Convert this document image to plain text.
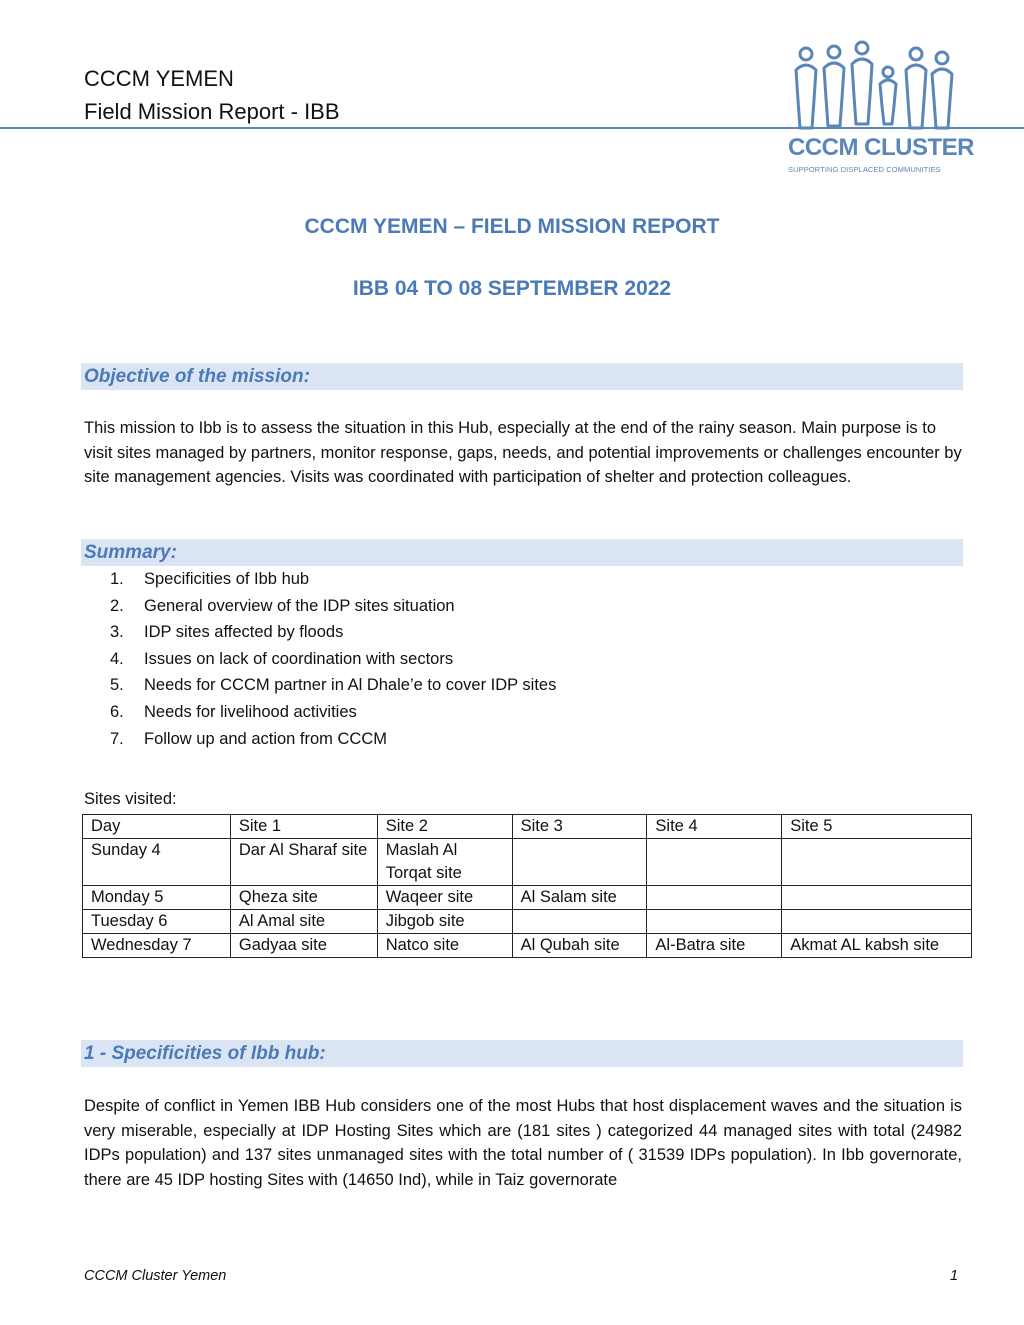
CCCM YEMEN
Field Mission Report - IBB
CCCM CLUSTER
SUPPORTING DISPLACED COMMUNITIES
CCCM YEMEN – FIELD MISSION REPORT
IBB 04 TO 08 SEPTEMBER 2022
Objective of the mission:
This mission to Ibb is to assess the situation in this Hub, especially at the end of the rainy season. Main purpose is to visit sites managed by partners, monitor response, gaps, needs, and potential improvements or challenges encounter by site management agencies. Visits was coordinated with participation of shelter and protection colleagues.
Summary:
1. Specificities of Ibb hub
2. General overview of the IDP sites situation
3. IDP sites affected by floods
4. Issues on lack of coordination with sectors
5. Needs for CCCM partner in Al Dhale’e to cover IDP sites
6. Needs for livelihood activities
7. Follow up and action from CCCM
Sites visited:
Day	Site 1	Site 2	Site 3	Site 4	Site 5
Sunday 4	Dar Al Sharaf site	Maslah Al Torqat site			
Monday 5	Qheza site	Waqeer site	Al Salam site		
Tuesday 6	Al Amal site	Jibgob site			
Wednesday 7	Gadyaa site	Natco site	Al Qubah site	Al-Batra site	Akmat AL kabsh site
1 - Specificities of Ibb hub:
Despite of conflict in Yemen IBB Hub considers one of the most Hubs that host displacement waves and the situation is very miserable, especially at IDP Hosting Sites which are (181 sites ) categorized 44 managed sites with total (24982 IDPs population) and 137 sites unmanaged sites with the total number of ( 31539 IDPs population). In Ibb governorate, there are 45 IDP hosting Sites with (14650 Ind), while in Taiz governorate
CCCM Cluster Yemen	1
